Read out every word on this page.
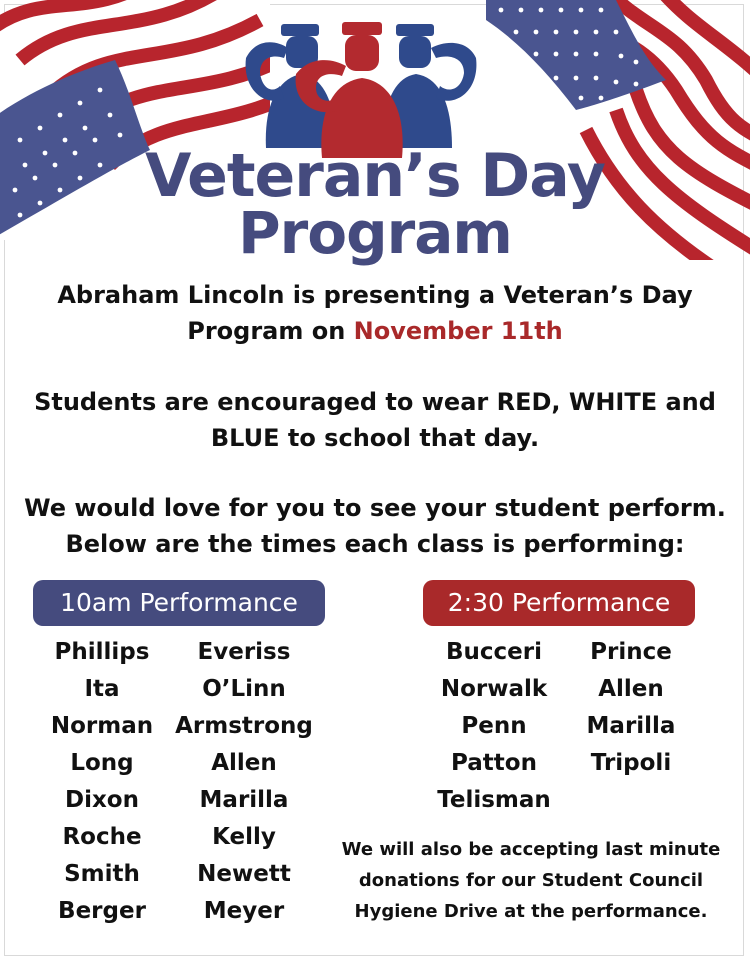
Veteran’s Day
Program
Abraham Lincoln is presenting a Veteran’s Day
Program on November 11th
Students are encouraged to wear RED, WHITE and
BLUE to school that day.
We would love for you to see your student perform.
Below are the times each class is performing:
10am Performance	2:30 Performance
Phillips
Ita
Norman
Long
Dixon
Roche
Smith
Berger
Everiss
O’Linn
Armstrong
Allen
Marilla
Kelly
Newett
Meyer
Bucceri
Norwalk
Penn
Patton
Telisman
Prince
Allen
Marilla
Tripoli
We will also be accepting last minute
donations for our Student Council
Hygiene Drive at the performance.
